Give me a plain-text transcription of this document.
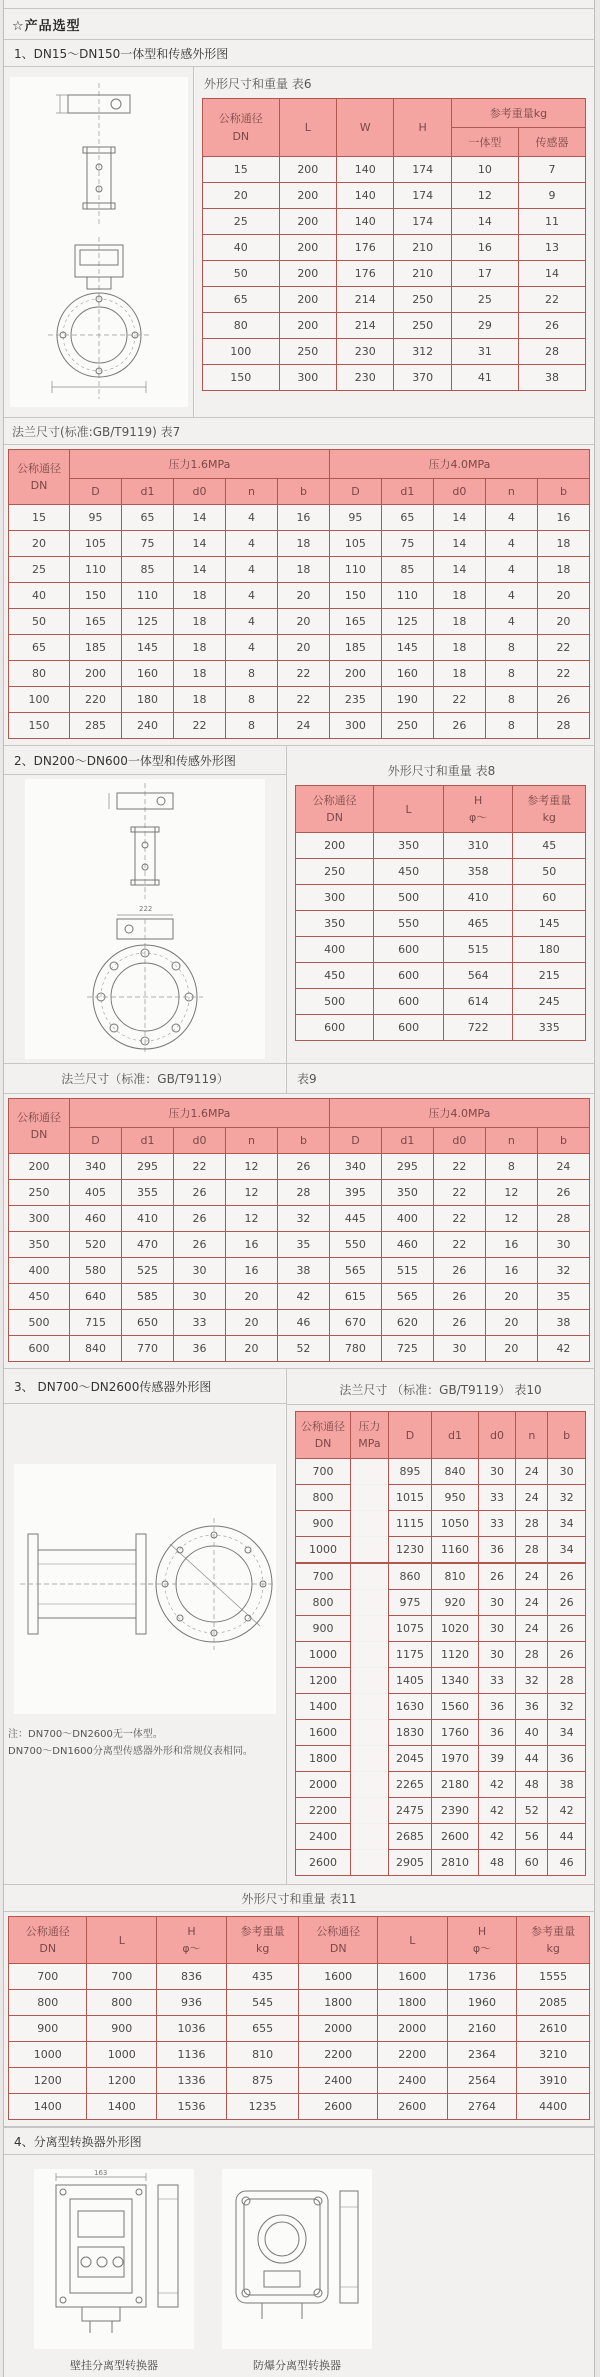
☆产品选型
1、DN15～DN150一体型和传感外形图
外形尺寸和重量 表6
公称通径
DN	L	W	H	参考重量kg	
				一体型	传感器
15	200	140	174	10	7
20	200	140	174	12	9
25	200	140	174	14	11
40	200	176	210	16	13
50	200	176	210	17	14
65	200	214	250	25	22
80	200	214	250	29	26
100	250	230	312	31	28
150	300	230	370	41	38
法兰尺寸(标准:GB/T9119) 表7
公称通径
DN	压力1.6MPa					压力4.0MPa				
	D	d1	d0	n	b	D	d1	d0	n	b
15	95	65	14	4	16	95	65	14	4	16
20	105	75	14	4	18	105	75	14	4	18
25	110	85	14	4	18	110	85	14	4	18
40	150	110	18	4	20	150	110	18	4	20
50	165	125	18	4	20	165	125	18	4	20
65	185	145	18	4	20	185	145	18	8	22
80	200	160	18	8	22	200	160	18	8	22
100	220	180	18	8	22	235	190	22	8	26
150	285	240	22	8	24	300	250	26	8	28
2、DN200～DN600一体型和传感外形图
222
外形尺寸和重量 表8
公称通径
DN
	L	
H
φ～

参考重量
kg

200	350	310	45
250	450	358	50
300	500	410	60
350	550	465	145
400	600	515	180
450	600	564	215
500	600	614	245
600	600	722	335
法兰尺寸（标准：GB/T9119）	表9
公称通径
DN	压力1.6MPa					压力4.0MPa				
	D	d1	d0	n	b	D	d1	d0	n	b
200	340	295	22	12	26	340	295	22	8	24
250	405	355	26	12	28	395	350	22	12	26
300	460	410	26	12	32	445	400	22	12	28
350	520	470	26	16	35	550	460	22	16	30
400	580	525	30	16	38	565	515	26	16	32
450	640	585	30	20	42	615	565	26	20	35
500	715	650	33	20	46	670	620	26	20	38
600	840	770	36	20	52	780	725	30	20	42
3、 DN700～DN2600传感器外形图
注：DN700～DN2600无一体型。
DN700～DN1600分离型传感器外形和常规仪表相同。
法兰尺寸 （标准：GB/T9119） 表10
公称通径
DN

压力
MPa
	D	d1	d0	n	b
700		895	840	30	24	30
800		1015	950	33	24	32
900		1115	1050	33	28	34
1000		1230	1160	36	28	34
700		860	810	26	24	26
800		975	920	30	24	26
900		1075	1020	30	24	26
1000		1175	1120	30	28	26
1200		1405	1340	33	32	28
1400		1630	1560	36	36	32
1600		1830	1760	36	40	34
1800		2045	1970	39	44	36
2000		2265	2180	42	48	38
2200		2475	2390	42	52	42
2400		2685	2600	42	56	44
2600		2905	2810	48	60	46
外形尺寸和重量 表11
公称通径
DN
	L	
H
φ～

参考重量
kg

公称通径
DN
	L	
H
φ～

参考重量
kg

700	700	836	435	1600	1600	1736	1555
800	800	936	545	1800	1800	1960	2085
900	900	1036	655	2000	2000	2160	2610
1000	1000	1136	810	2200	2200	2364	3210
1200	1200	1336	875	2400	2400	2564	3910
1400	1400	1536	1235	2600	2600	2764	4400
4、分离型转换器外形图
163
壁挂分离型转换器	防爆分离型转换器
